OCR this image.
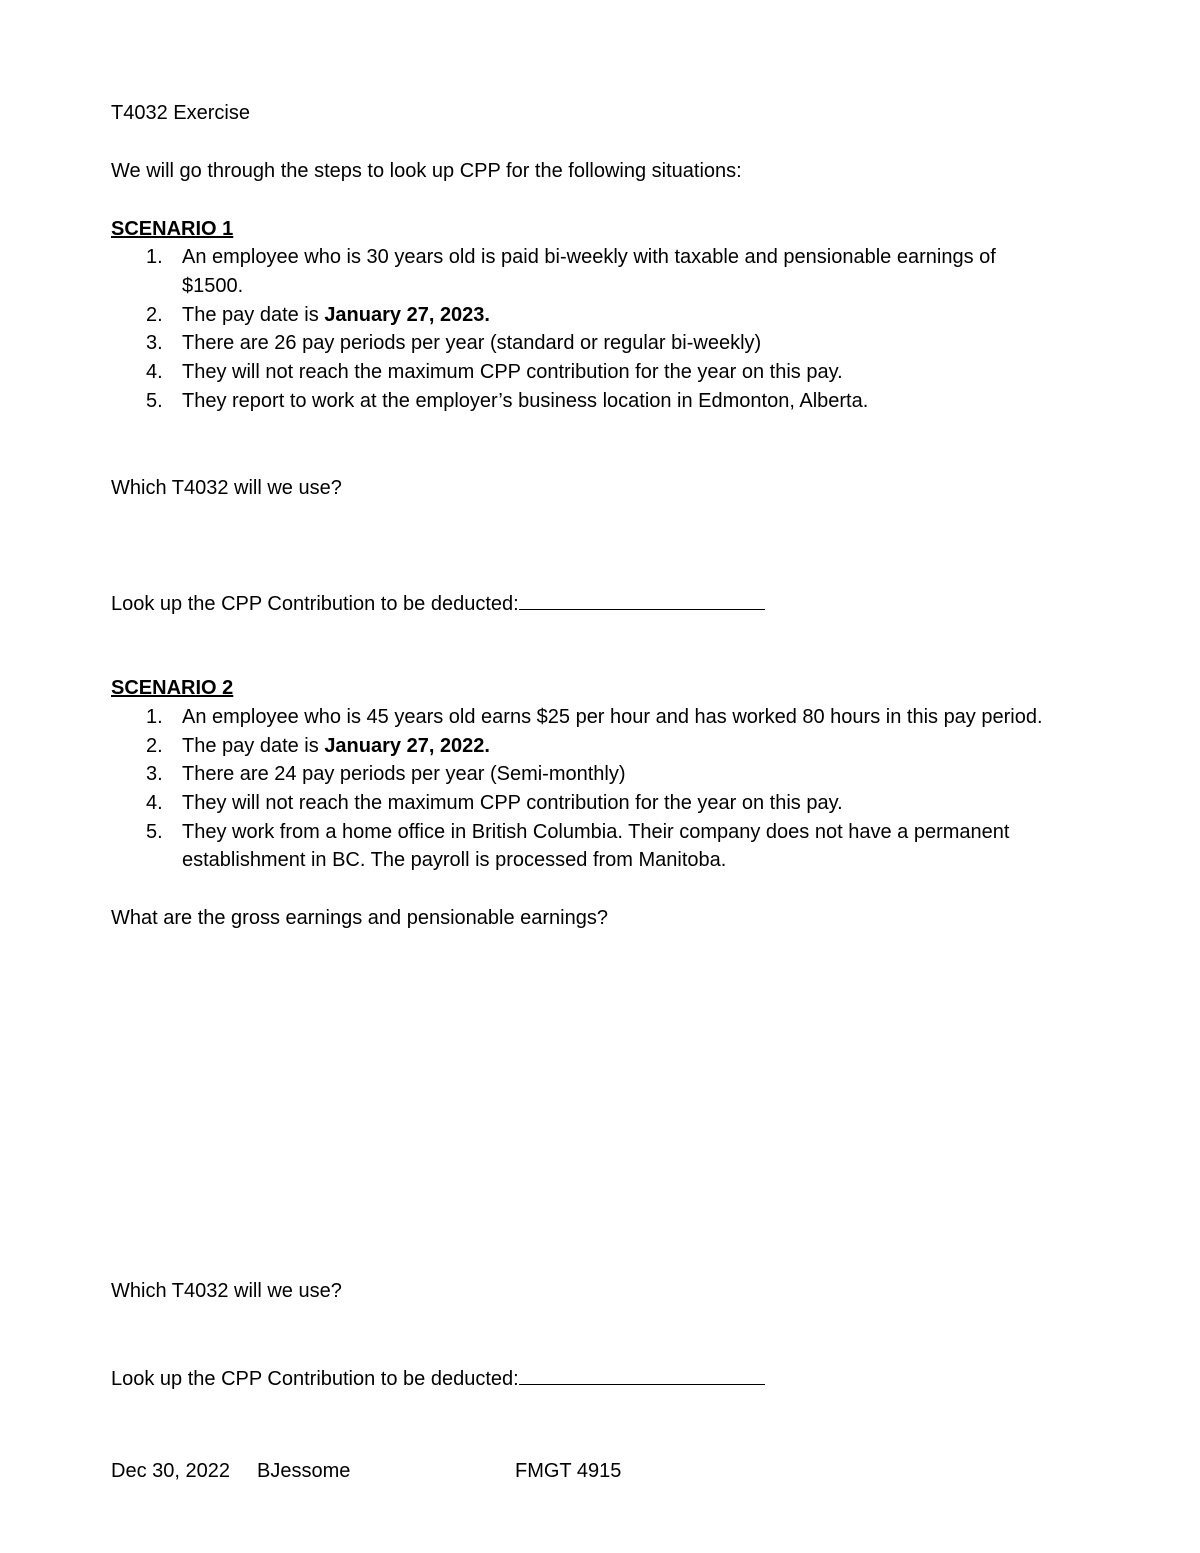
T4032 Exercise
We will go through the steps to look up CPP for the following situations:
SCENARIO 1
1. An employee who is 30 years old is paid bi-weekly with taxable and pensionable earnings of
$1500.
2. The pay date is January 27, 2023.
3. There are 26 pay periods per year (standard or regular bi-weekly)
4. They will not reach the maximum CPP contribution for the year on this pay.
5. They report to work at the employer’s business location in Edmonton, Alberta.
Which T4032 will we use?
Look up the CPP Contribution to be deducted:
SCENARIO 2
1. An employee who is 45 years old earns $25 per hour and has worked 80 hours in this pay period.
2. The pay date is January 27, 2022.
3. There are 24 pay periods per year (Semi-monthly)
4. They will not reach the maximum CPP contribution for the year on this pay.
5. They work from a home office in British Columbia. Their company does not have a permanent
establishment in BC. The payroll is processed from Manitoba.
What are the gross earnings and pensionable earnings?
Which T4032 will we use?
Look up the CPP Contribution to be deducted:
Dec 30, 2022 BJessome	FMGT 4915
